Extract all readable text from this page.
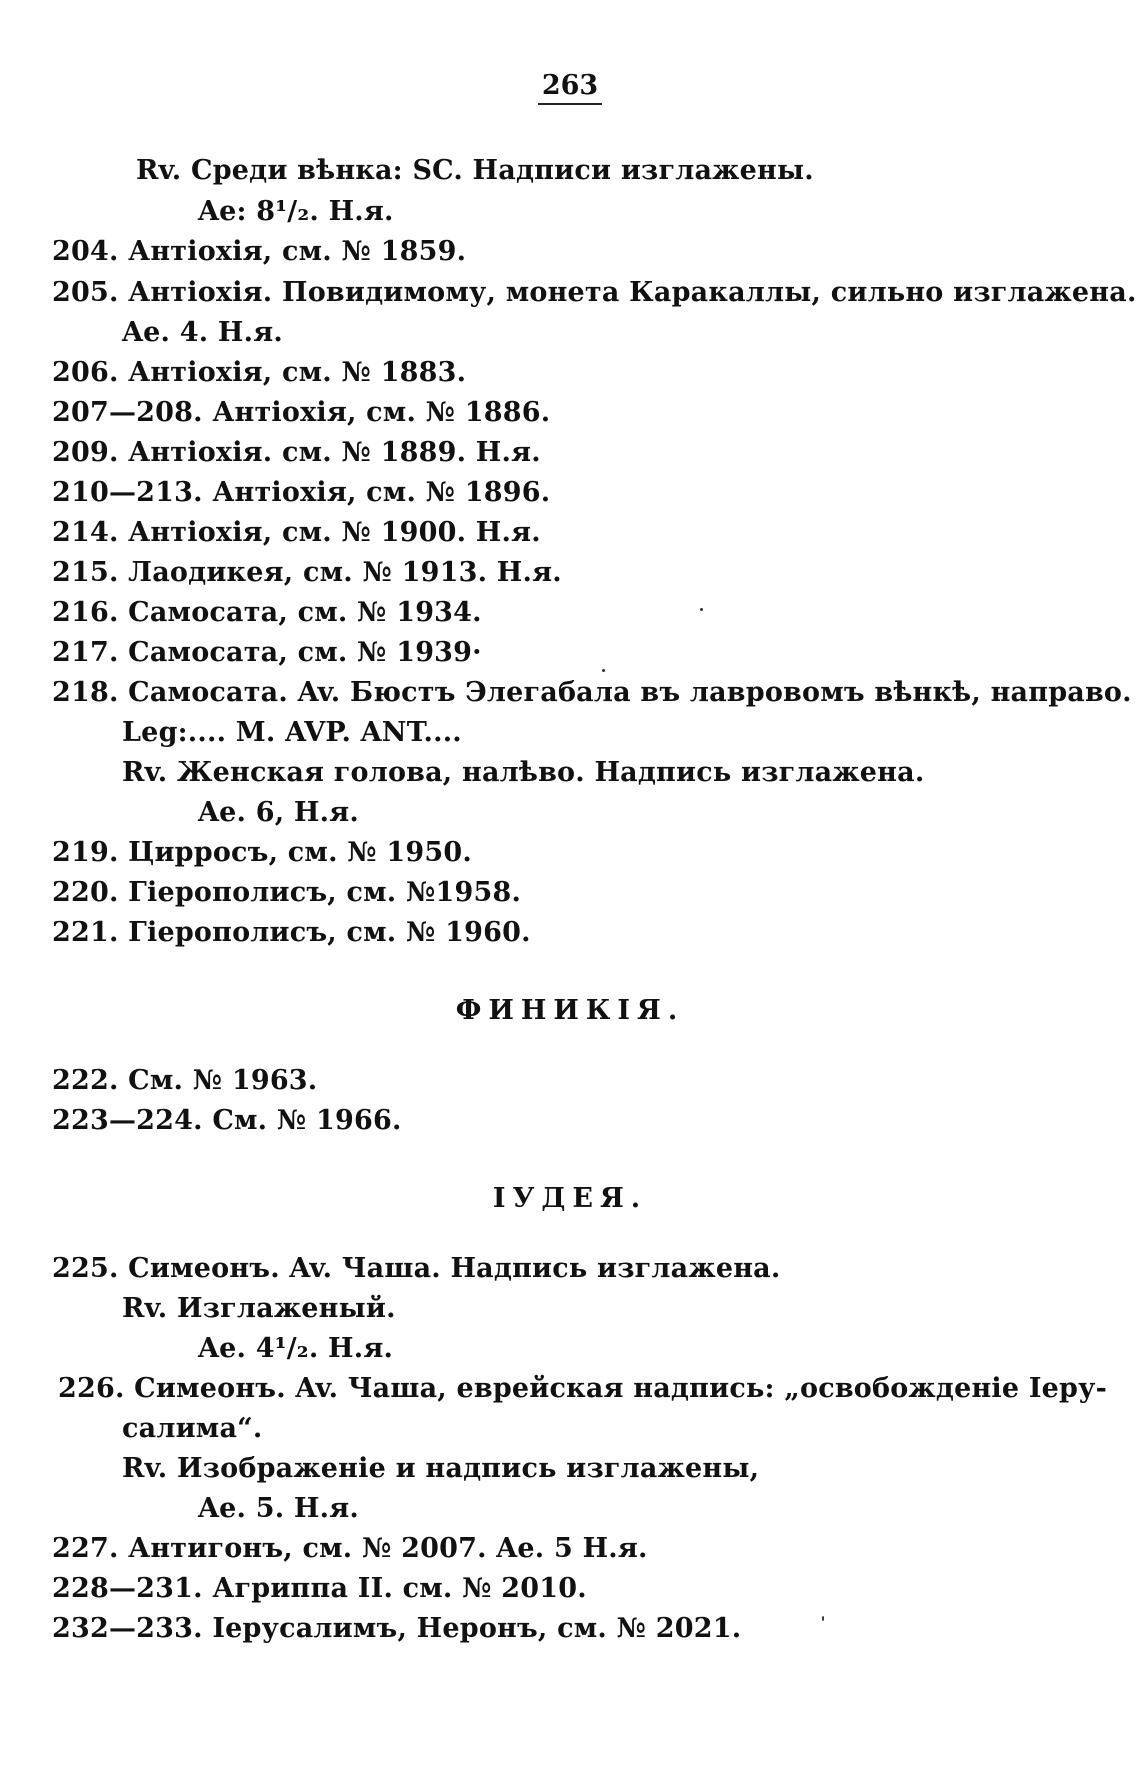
263
Rv. Среди вѣнка: SC. Надписи изглажены.
Ae: 8¹/₂. Н.я.
204. Антіохія, см. № 1859.
205. Антіохія. Повидимому, монета Каракаллы, сильно изглажена.
Ae. 4. Н.я.
206. Антіохія, см. № 1883.
207—208. Антіохія, см. № 1886.
209. Антіохія. см. № 1889. Н.я.
210—213. Антіохія, см. № 1896.
214. Антіохія, см. № 1900. Н.я.
215. Лаодикея, см. № 1913. Н.я.
216. Самосата, см. № 1934.
217. Самосата, см. № 1939·
218. Самосата. Av. Бюстъ Элегабала въ лавровомъ вѣнкѣ, направо.
Leg:.... M. AVP. ANT....
Rv. Женская голова, налѣво. Надпись изглажена.
Ae. 6, Н.я.
219. Цирросъ, см. № 1950.
220. Гіерополисъ, см. №1958.
221. Гіерополисъ, см. № 1960.
ФИНИКІЯ.
222. См. № 1963.
223—224. См. № 1966.
ІУДЕЯ.
225. Симеонъ. Av. Чаша. Надпись изглажена.
Rv. Изглаженый.
Ae. 4¹/₂. Н.я.
226. Симеонъ. Av. Чаша, еврейская надпись: „освобожденіе Іеру-
салима“.
Rv. Изображеніе и надпись изглажены,
Ae. 5. Н.я.
227. Антигонъ, см. № 2007. Ae. 5 Н.я.
228—231. Агриппа II. см. № 2010.
232—233. Іерусалимъ, Неронъ, см. № 2021.
